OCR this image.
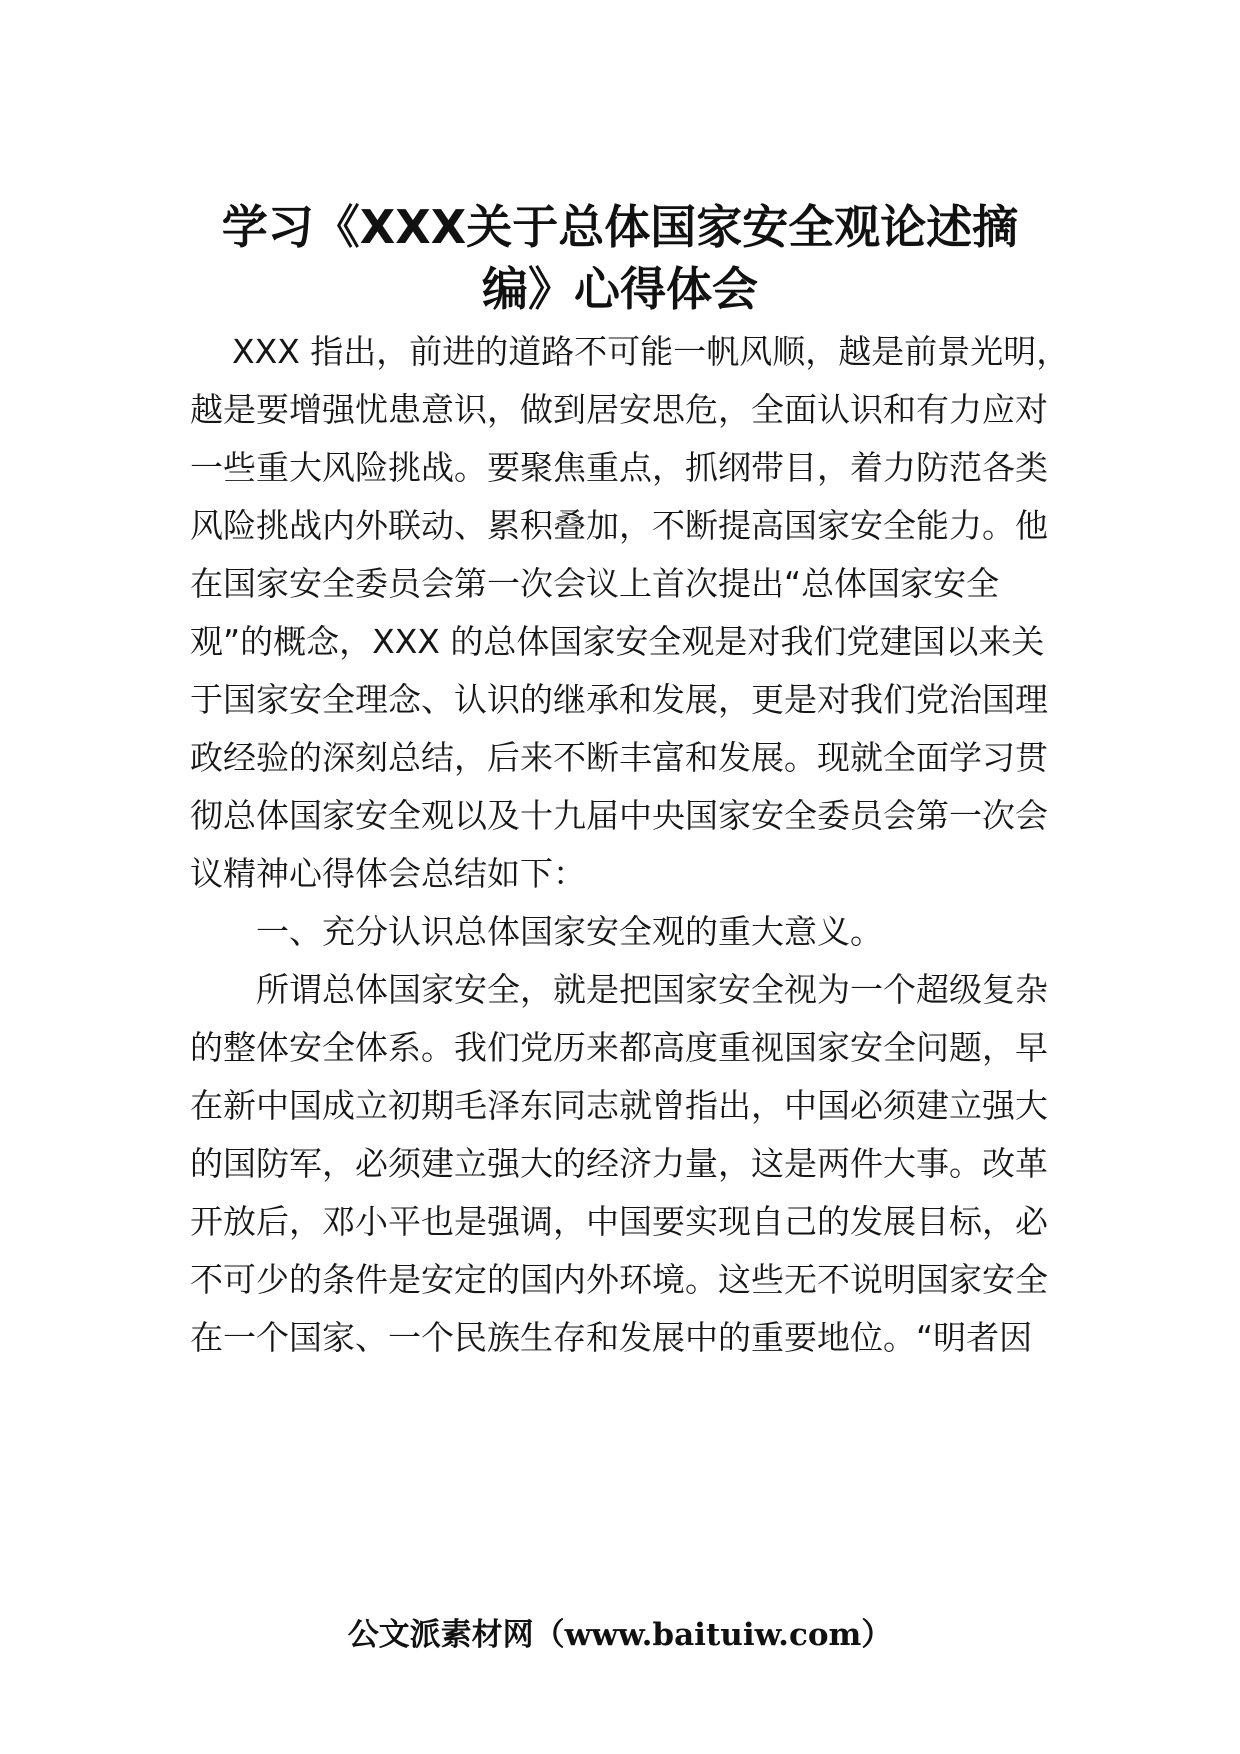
学习《XXX关于总体国家安全观论述摘
编》心得体会
XXX 指出，前进的道路不可能一帆风顺，越是前景光明，
越是要增强忧患意识，做到居安思危，全面认识和有力应对
一些重大风险挑战。要聚焦重点，抓纲带目，着力防范各类
风险挑战内外联动、累积叠加，不断提高国家安全能力。他
在国家安全委员会第一次会议上首次提出“总体国家安全
观”的概念，XXX 的总体国家安全观是对我们党建国以来关
于国家安全理念、认识的继承和发展，更是对我们党治国理
政经验的深刻总结，后来不断丰富和发展。现就全面学习贯
彻总体国家安全观以及十九届中央国家安全委员会第一次会
议精神心得体会总结如下：
一、充分认识总体国家安全观的重大意义。
所谓总体国家安全，就是把国家安全视为一个超级复杂
的整体安全体系。我们党历来都高度重视国家安全问题，早
在新中国成立初期毛泽东同志就曾指出，中国必须建立强大
的国防军，必须建立强大的经济力量，这是两件大事。改革
开放后，邓小平也是强调，中国要实现自己的发展目标，必
不可少的条件是安定的国内外环境。这些无不说明国家安全
在一个国家、一个民族生存和发展中的重要地位。“明者因
公文派素材网（www.baituiw.com）
